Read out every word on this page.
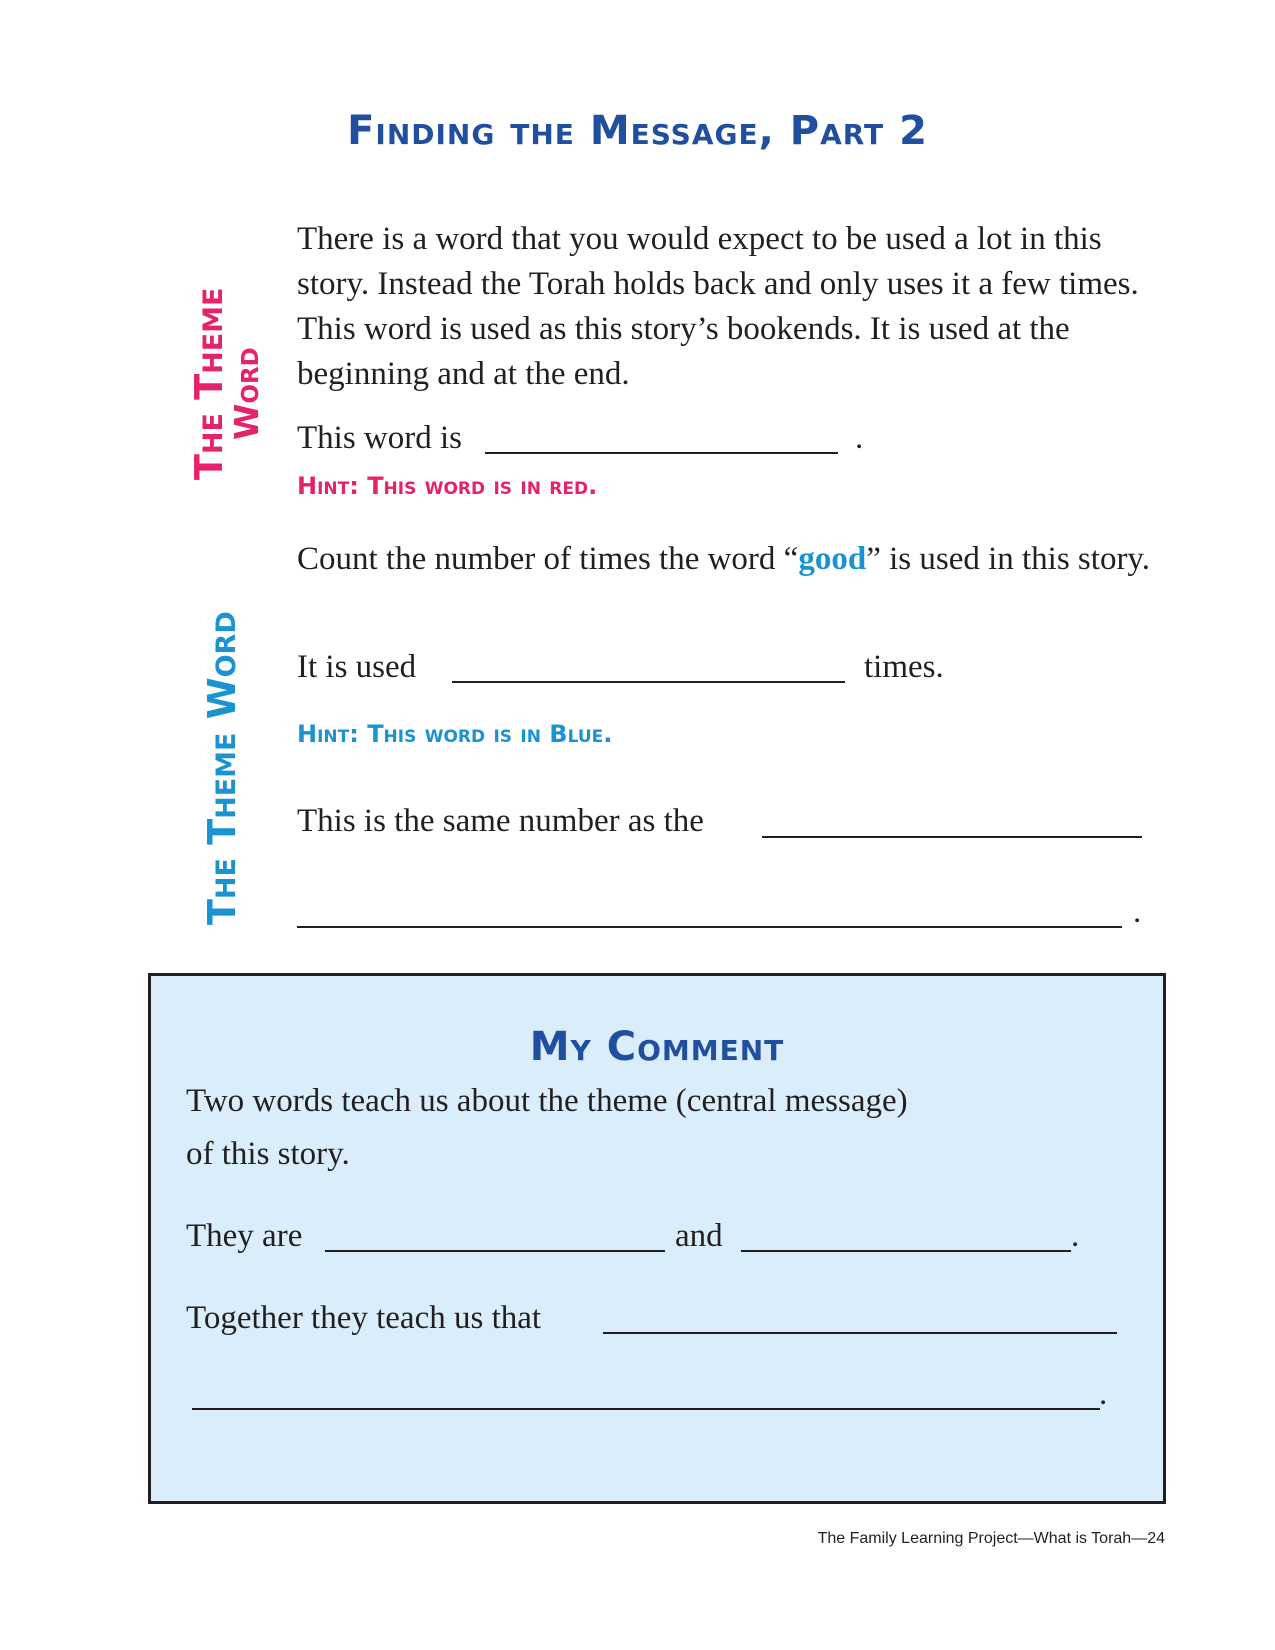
Finding the Message, Part 2
The Theme
Word
The Theme Word

There is a word that you would expect to be used a lot in this story. Instead the Torah holds back and only uses it a few times. This word is used as this story’s bookends. It is used at the beginning and at the end.

This word is	.
Hint: This word is in red.

Count the number of times the word “good” is used in this story.

It is used	times.
Hint: This word is in Blue.
This is the same number as the
.
My Comment
Two words teach us about the theme (central message)
of this story.
They are	and	.
Together they teach us that
.
The Family Learning Project—What is Torah—24
